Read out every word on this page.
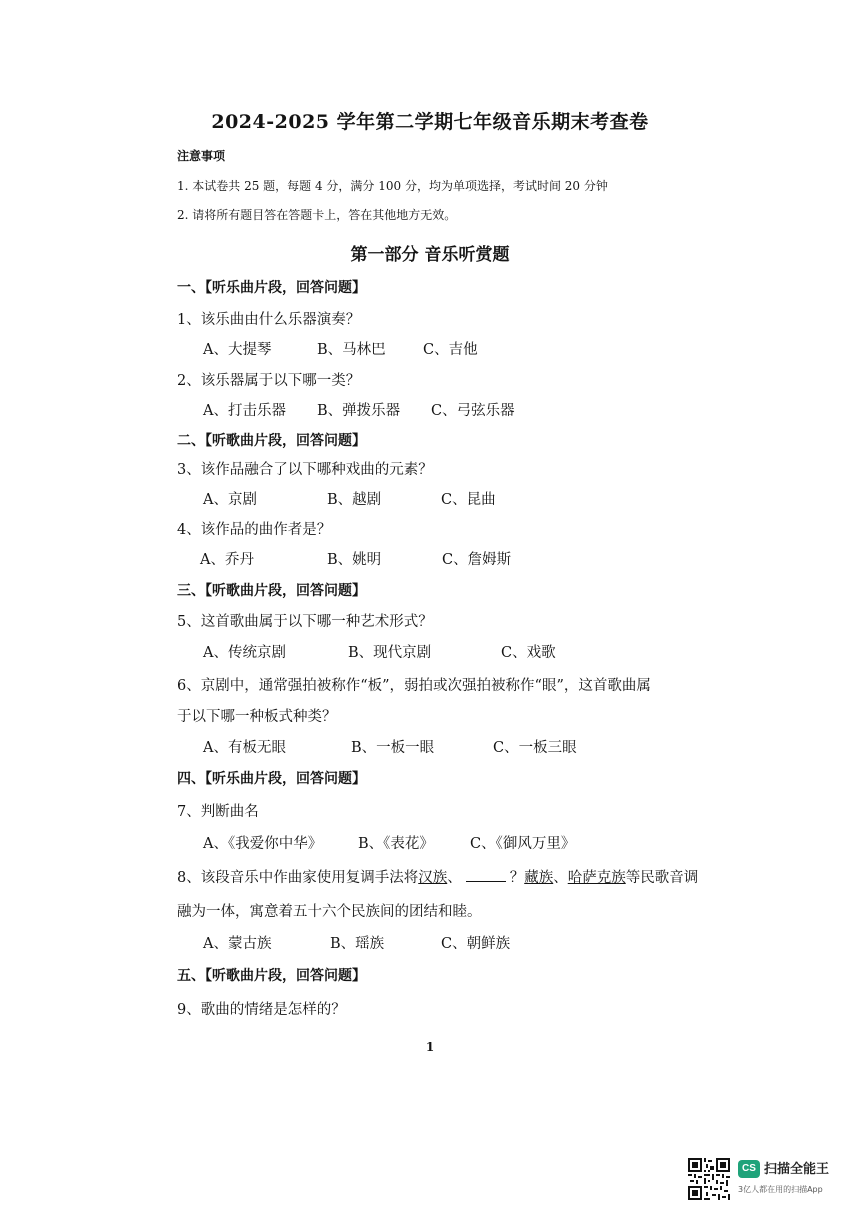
2024-2025 学年第二学期七年级音乐期末考查卷
注意事项
1. 本试卷共 25 题，每题 4 分，满分 100 分，均为单项选择，考试时间 20 分钟
2. 请将所有题目答在答题卡上，答在其他地方无效。
第一部分 音乐听赏题
一、【听乐曲片段，回答问题】
1、该乐曲由什么乐器演奏？
A、大提琴	B、马林巴	C、吉他
2、该乐器属于以下哪一类？
A、打击乐器	B、弹拨乐器	C、弓弦乐器
二、【听歌曲片段，回答问题】
3、该作品融合了以下哪种戏曲的元素？
A、京剧	B、越剧	C、昆曲
4、该作品的曲作者是？
A、乔丹	B、姚明	C、詹姆斯
三、【听歌曲片段，回答问题】
5、这首歌曲属于以下哪一种艺术形式？
A、传统京剧	B、现代京剧	C、戏歌
6、京剧中，通常强拍被称作“板”，弱拍或次强拍被称作“眼”，这首歌曲属
于以下哪一种板式种类？
A、有板无眼	B、一板一眼	C、一板三眼
四、【听乐曲片段，回答问题】
7、判断曲名
A、《我爱你中华》	B、《表花》	C、《御风万里》
8、该段音乐中作曲家使用复调手法将汉族、	？藏族、哈萨克族等民歌音调
融为一体，寓意着五十六个民族间的团结和睦。
A、蒙古族	B、瑶族	C、朝鲜族
五、【听歌曲片段，回答问题】
9、歌曲的情绪是怎样的？
1
CS 扫描全能王
3亿人都在用的扫描App
